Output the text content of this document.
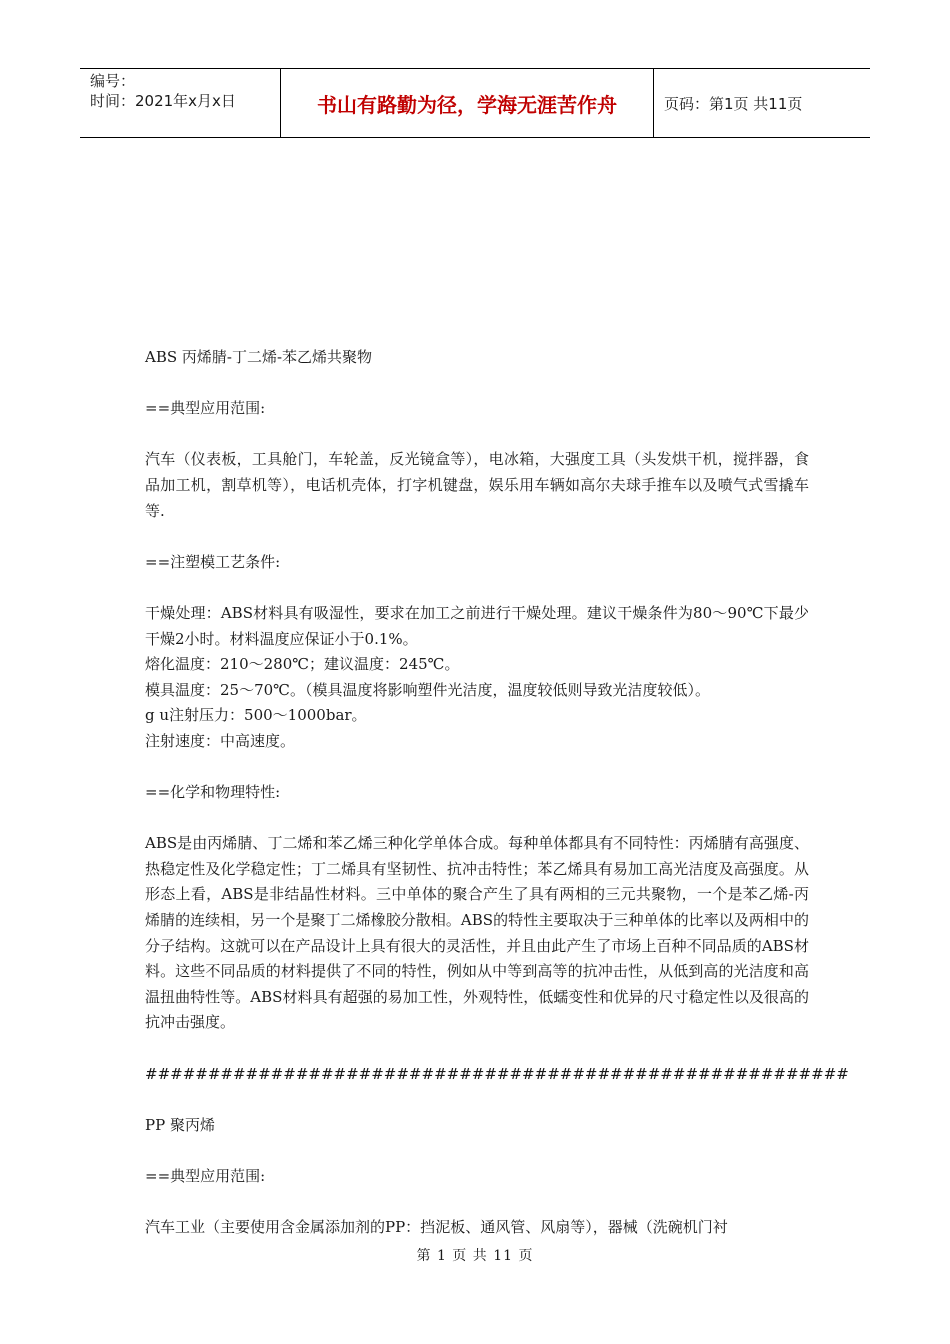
编号：
时间：2021年x月x日	书山有路勤为径，学海无涯苦作舟	页码：第1页 共11页

ABS 丙烯腈-丁二烯-苯乙烯共聚物

==典型应用范围:

汽车（仪表板，工具舱门，车轮盖，反光镜盒等），电冰箱，大强度工具（头发烘干机，搅拌器，食品加工机，割草机等），电话机壳体，打字机键盘，娱乐用车辆如高尔夫球手推车以及喷气式雪撬车等.

==注塑模工艺条件:

干燥处理：ABS材料具有吸湿性，要求在加工之前进行干燥处理。建议干燥条件为80～90℃下最少干燥2小时。材料温度应保证小于0.1%。

熔化温度：210～280℃；建议温度：245℃。

模具温度：25～70℃。（模具温度将影响塑件光洁度，温度较低则导致光洁度较低）。

g u注射压力：500～1000bar。

注射速度：中高速度。

==化学和物理特性:

ABS是由丙烯腈、丁二烯和苯乙烯三种化学单体合成。每种单体都具有不同特性：丙烯腈有高强度、热稳定性及化学稳定性；丁二烯具有坚韧性、抗冲击特性；苯乙烯具有易加工高光洁度及高强度。从形态上看，ABS是非结晶性材料。三中单体的聚合产生了具有两相的三元共聚物，一个是苯乙烯-丙烯腈的连续相，另一个是聚丁二烯橡胶分散相。ABS的特性主要取决于三种单体的比率以及两相中的分子结构。这就可以在产品设计上具有很大的灵活性，并且由此产生了市场上百种不同品质的ABS材料。这些不同品质的材料提供了不同的特性，例如从中等到高等的抗冲击性，从低到高的光洁度和高温扭曲特性等。ABS材料具有超强的易加工性，外观特性，低蠕变性和优异的尺寸稳定性以及很高的抗冲击强度。

########################################################

PP 聚丙烯

==典型应用范围:

汽车工业（主要使用含金属添加剂的PP：挡泥板、通风管、风扇等），器械（洗碗机门衬

第 1 页 共 11 页
